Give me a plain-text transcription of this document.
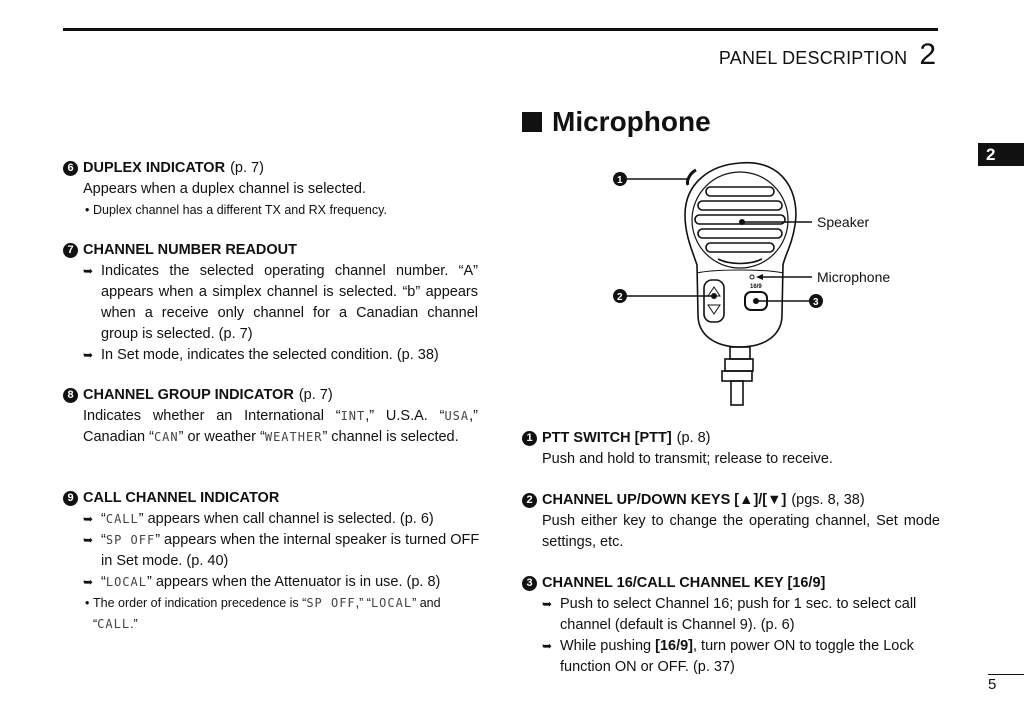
PANEL DESCRIPTION 2
2
6 DUPLEX INDICATOR (p. 7)
Appears when a duplex channel is selected.
• Duplex channel has a different TX and RX frequency.
7 CHANNEL NUMBER READOUT
➥ Indicates the selected operating channel number. “A” appears when a simplex channel is selected. “b” appears when a receive only channel for a Canadian channel group is selected. (p. 7)
➥ In Set mode, indicates the selected condition. (p. 38)
8 CHANNEL GROUP INDICATOR (p. 7)
Indicates whether an International “INT,” U.S.A. “USA,” Canadian “CAN” or weather “WEATHER” channel is selected.
9 CALL CHANNEL INDICATOR
➥ “CALL” appears when call channel is selected. (p. 6)
➥ “SP OFF” appears when the internal speaker is turned OFF in Set mode. (p. 40)
➥ “LOCAL” appears when the Attenuator is in use. (p. 8)
• The order of indication precedence is “SP OFF,” “LOCAL” and “CALL.”
Microphone
16/9
1
2	3
Speaker
Microphone
1 PTT SWITCH [PTT] (p. 8)
Push and hold to transmit; release to receive.
2 CHANNEL UP/DOWN KEYS [▲]/[▼] (pgs. 8, 38)
Push either key to change the operating channel, Set mode settings, etc.
3 CHANNEL 16/CALL CHANNEL KEY [16/9]
➥ Push to select Channel 16; push for 1 sec. to select call channel (default is Channel 9). (p. 6)
➥ While pushing [16/9], turn power ON to toggle the Lock function ON or OFF. (p. 37)
5
